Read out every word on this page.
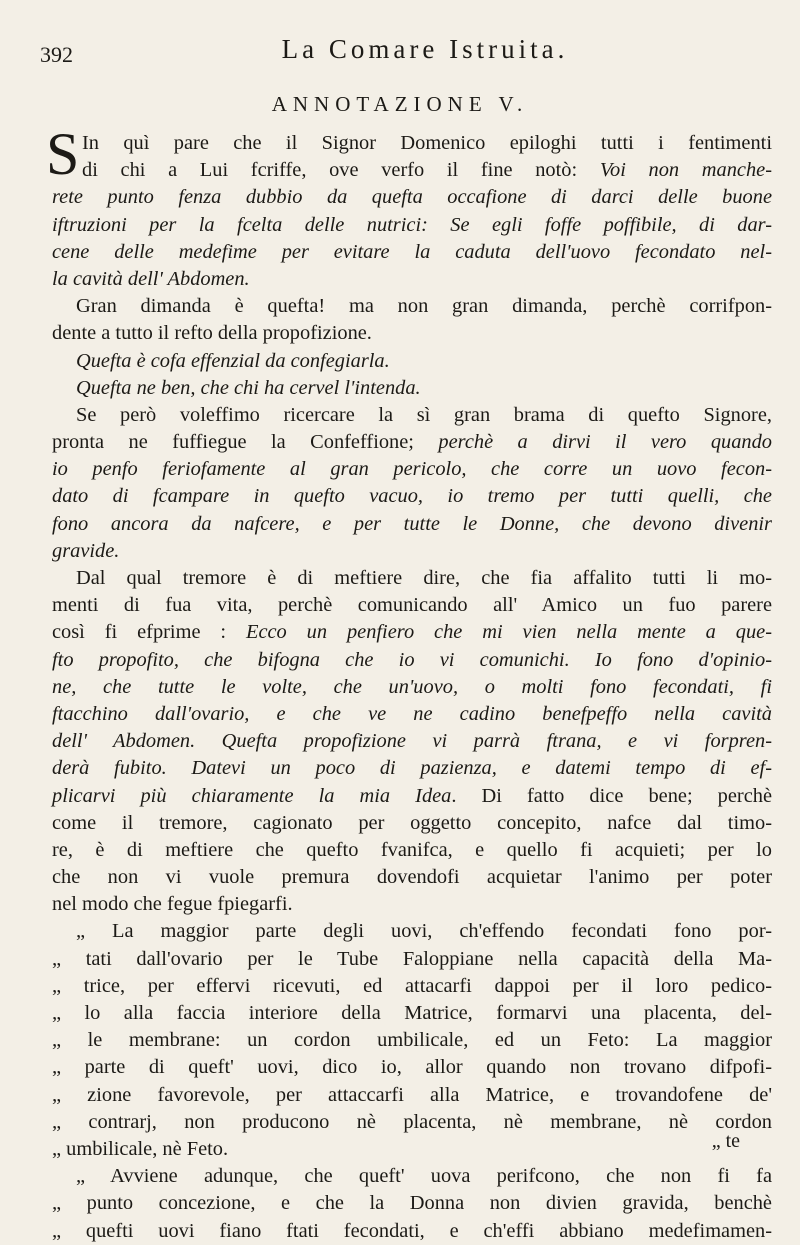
392	La Comare Istruita.
ANNOTAZIONE V.
S In quì pare che il Signor Domenico epiloghi tutti i fentimenti
di chi a Lui fcriffe, ove verfo il fine notò: Voi non manche-
rete punto fenza dubbio da quefta occafione di darci delle buone
iftruzioni per la fcelta delle nutrici: Se egli foffe poffibile, di dar-
cene delle medefime per evitare la caduta dell'uovo fecondato nel-
la cavità dell' Abdomen.
Gran dimanda è quefta! ma non gran dimanda, perchè corrifpon-
dente a tutto il refto della propofizione.
Quefta è cofa effenzial da confegiarla.
Quefta ne ben, che chi ha cervel l'intenda.
Se però voleffimo ricercare la sì gran brama di quefto Signore,
pronta ne fuffiegue la Confeffione; perchè a dirvi il vero quando
io penfo feriofamente al gran pericolo, che corre un uovo fecon-
dato di fcampare in quefto vacuo, io tremo per tutti quelli, che
fono ancora da nafcere, e per tutte le Donne, che devono divenir
gravide.
Dal qual tremore è di meftiere dire, che fia affalito tutti li mo-
menti di fua vita, perchè comunicando all' Amico un fuo parere
così fi efprime : Ecco un penfiero che mi vien nella mente a que-
fto propofito, che bifogna che io vi comunichi. Io fono d'opinio-
ne, che tutte le volte, che un'uovo, o molti fono fecondati, fi
ftacchino dall'ovario, e che ve ne cadino benefpeffo nella cavità
dell' Abdomen. Quefta propofizione vi parrà ftrana, e vi forpren-
derà fubito. Datevi un poco di pazienza, e datemi tempo di ef-
plicarvi più chiaramente la mia Idea. Di fatto dice bene; perchè
come il tremore, cagionato per oggetto concepito, nafce dal timo-
re, è di meftiere che quefto fvanifca, e quello fi acquieti; per lo
che non vi vuole premura dovendofi acquietar l'animo per poter
nel modo che fegue fpiegarfi.
„ La maggior parte degli uovi, ch'effendo fecondati fono por-
„ tati dall'ovario per le Tube Faloppiane nella capacità della Ma-
„ trice, per effervi ricevuti, ed attacarfi dappoi per il loro pedico-
„ lo alla faccia interiore della Matrice, formarvi una placenta, del-
„ le membrane: un cordon umbilicale, ed un Feto: La maggior
„ parte di queft' uovi, dico io, allor quando non trovano difpofi-
„ zione favorevole, per attaccarfi alla Matrice, e trovandofene de'
„ contrarj, non producono nè placenta, nè membrane, nè cordon
„ umbilicale, nè Feto.
„ Avviene adunque, che queft' uova perifcono, che non fi fa
„ punto concezione, e che la Donna non divien gravida, benchè
„ quefti uovi fiano ftati fecondati, e ch'effi abbiano medefimamen-
„ te
